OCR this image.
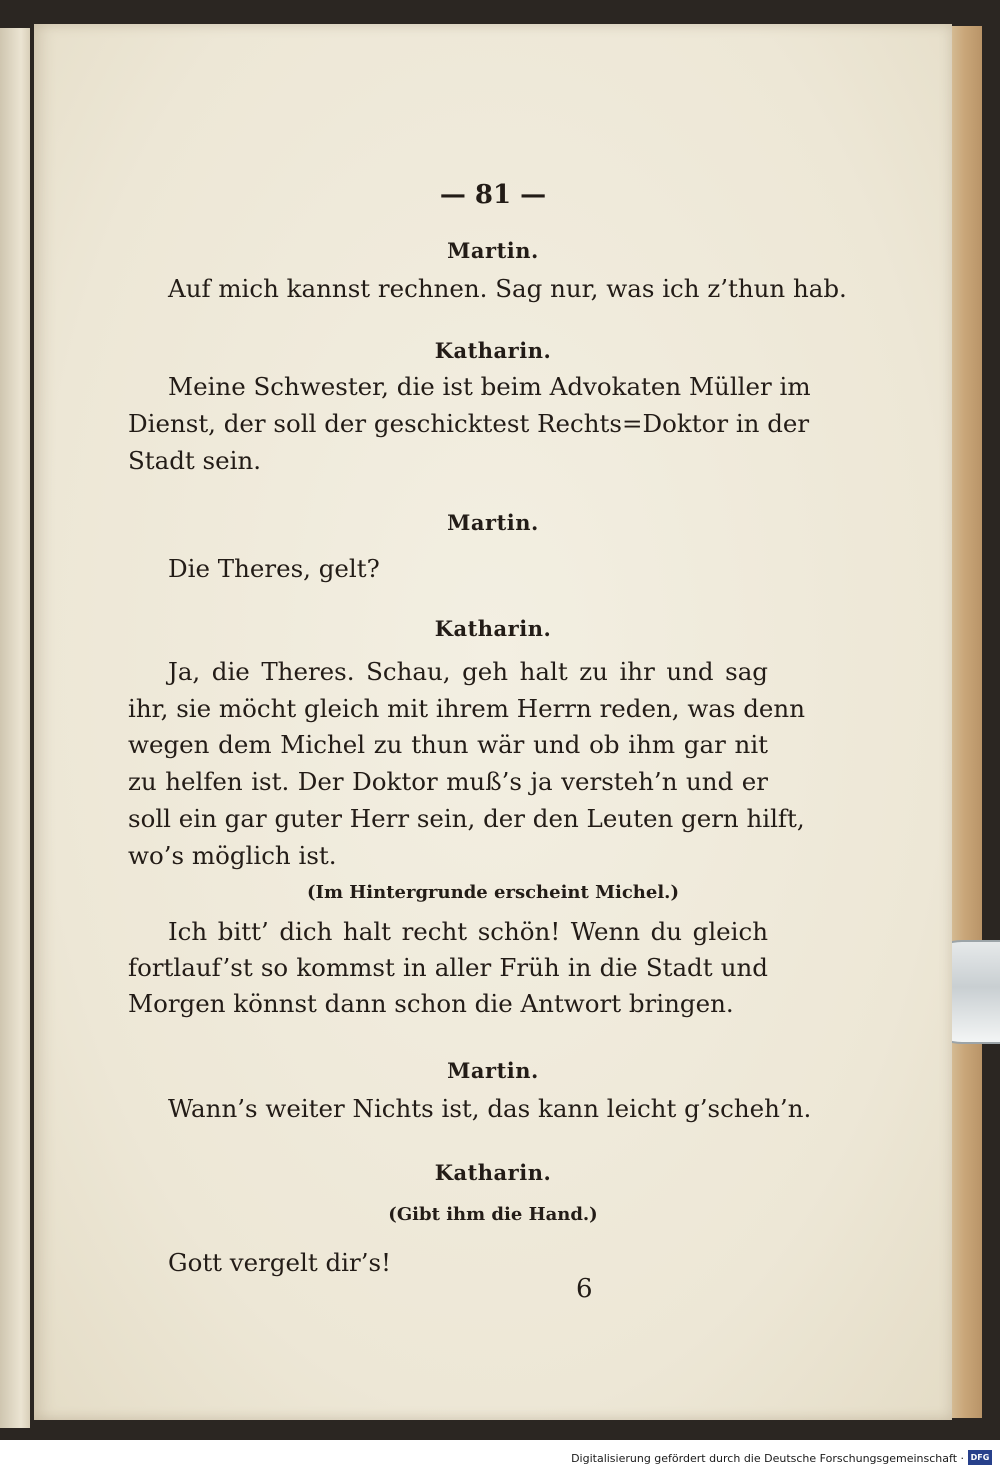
— 81 —

Martin.

Auf mich kannst rechnen. Sag nur, was ich z’thun hab.

Katharin.

Meine Schwester, die ist beim Advokaten Müller im

Dienst, der soll der geschicktest Rechts=Doktor in der

Stadt sein.

Martin.

Die Theres, gelt?

Katharin.

Ja, die Theres. Schau, geh halt zu ihr und sag

ihr, sie möcht gleich mit ihrem Herrn reden, was denn

wegen dem Michel zu thun wär und ob ihm gar nit

zu helfen ist. Der Doktor muß’s ja versteh’n und er

soll ein gar guter Herr sein, der den Leuten gern hilft,

wo’s möglich ist.

(Im Hintergrunde erscheint Michel.)

Ich bitt’ dich halt recht schön! Wenn du gleich

fortlauf’st so kommst in aller Früh in die Stadt und

Morgen könnst dann schon die Antwort bringen.

Martin.

Wann’s weiter Nichts ist, das kann leicht g’scheh’n.

Katharin.

(Gibt ihm die Hand.)

Gott vergelt dir’s!

6

Digitalisierung gefördert durch die Deutsche Forschungsgemeinschaft · DFG
